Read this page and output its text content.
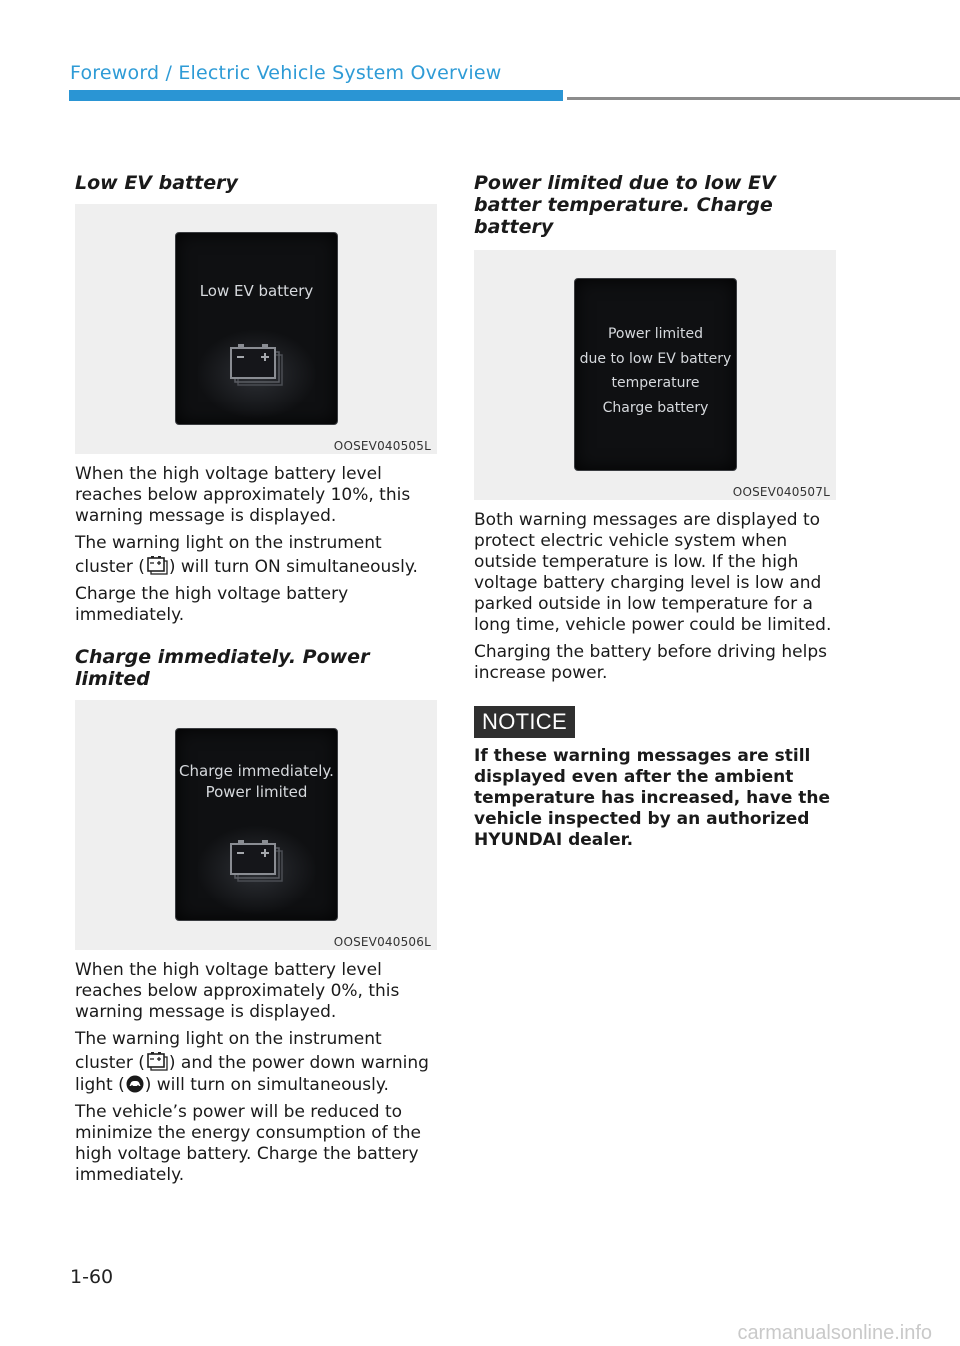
Foreword / Electric Vehicle System Overview
Low EV battery
Low EV battery
OOSEV040505L

When the high voltage battery level reaches below approximately 10%, this warning message is displayed.

The warning light on the instrument cluster ( ) will turn ON simultaneously.

Charge the high voltage battery immediately.

Charge immediately. Power limited
Charge immediately.
Power limited
OOSEV040506L

When the high voltage battery level reaches below approximately 0%, this warning message is displayed.

The warning light on the instrument cluster ( ) and the power down warning light ( ) will turn on simultaneously.

The vehicle’s power will be reduced to minimize the energy consumption of the high voltage battery. Charge the battery immediately.

Power limited due to low EV batter temperature. Charge battery
Power limited
due to low EV battery
temperature
Charge battery
OOSEV040507L

Both warning messages are displayed to protect electric vehicle system when outside temperature is low. If the high voltage battery charging level is low and parked outside in low temperature for a long time, vehicle power could be limited.

Charging the battery before driving helps increase power.

NOTICE

If these warning messages are still displayed even after the ambient temperature has increased, have the vehicle inspected by an authorized HYUNDAI dealer.

1-60
carmanualsonline.info
